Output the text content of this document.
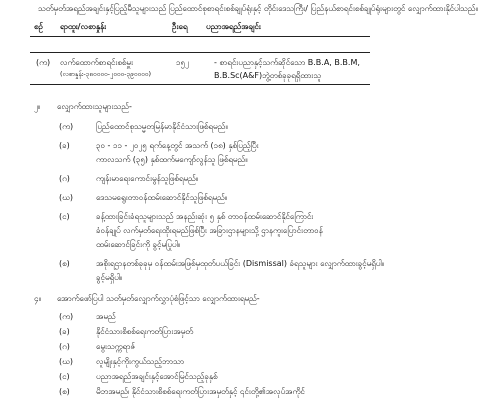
သတ်မှတ်အရည်အချင်းနှင့်ပြည့်မီသူများသည် ပြည်ထောင်စုစာရင်းစစ်ချုပ်ရုံးနှင့် တိုင်းဒေသကြီး/ ပြည်နယ်စာရင်းစစ်ချုပ်ရုံးများတွင် လျှောက်ထားနိုင်ပါသည်။
စဉ် ရာထူး/လစာနှုန်း	ဦးရေ ပညာအရည်အချင်း
(က) လက်ထောက်စာရင်းစစ်မှူး
(လစာနှုန်း-၃၈၀၀၀၀-၂၀၀၀-၃၉၀၀၀၀)
၁၅၂	- စာရင်းပညာနှင့်သက်ဆိုင်သော B.B.A, B.B.M,
B.B.Sc(A&F)ဘွဲ့တစ်ခုခုရရှိထားသူ
၂။ လျှောက်ထားသူများသည်-
(က)	ပြည်ထောင်စုသမ္မတမြန်မာနိုင်ငံသားဖြစ်ရမည်။
(ခ)	၃၀ - ၁၁ - ၂၀၂၅ ရက်နေ့တွင် အသက် (၁၈) နှစ်ပြည့်ပြီး
ကာလသက် (၃၅) နှစ်ထက်မကျော်လွန်သူ ဖြစ်ရမည်။
(ဂ)	ကျန်းမာရေးကောင်းမွန်သူဖြစ်ရမည်။
(ဃ)	ဒေသမရွေးတာဝန်ထမ်းဆောင်နိုင်သူဖြစ်ရမည်။
(င)	ခန့်ထားခြင်းခံရသူများသည် အနည်းဆုံး ၅ နှစ် တာဝန်ထမ်းဆောင်နိုင်ကြောင်း
ခံဝန်ချုပ် လက်မှတ်ရေးထိုးရမည်ဖြစ်ပြီး အခြားဌာနများသို့ ဌာနကူးပြောင်းတာဝန်
ထမ်းဆောင်ခြင်းကို ခွင့်မပြုပါ။
(စ)	အစိုးရဌာနတစ်ခုခုမှ ဝန်ထမ်းအဖြစ်မှထုတ်ပယ်ခြင်း (Dismissal) ခံရသူများ လျှောက်ထားခွင့်မရှိပါ။
ခွင့်မရှိပါ။
၄။ အောက်ဖော်ပြပါ သတ်မှတ်လျှောက်လွှာပုံစံဖြင့်သာ လျှောက်ထားရမည်-
(က)	အမည်
(ခ)	နိုင်ငံသားစိစစ်ရေးကတ်ပြားအမှတ်
(ဂ)	မွေးသက္ကရာဇ်
(ဃ)	လူမျိုးနှင့်ကိုးကွယ်သည့်ဘာသာ
(င)	ပညာအရည်အချင်းနှင့်အောင်မြင်သည့်ခုနှစ်
(စ)	မိဘအမည်၊ နိုင်ငံသားစိစစ်ရေးကတ်ပြားအမှတ်နှင့် ၎င်းတို့၏အလုပ်အကိုင်
